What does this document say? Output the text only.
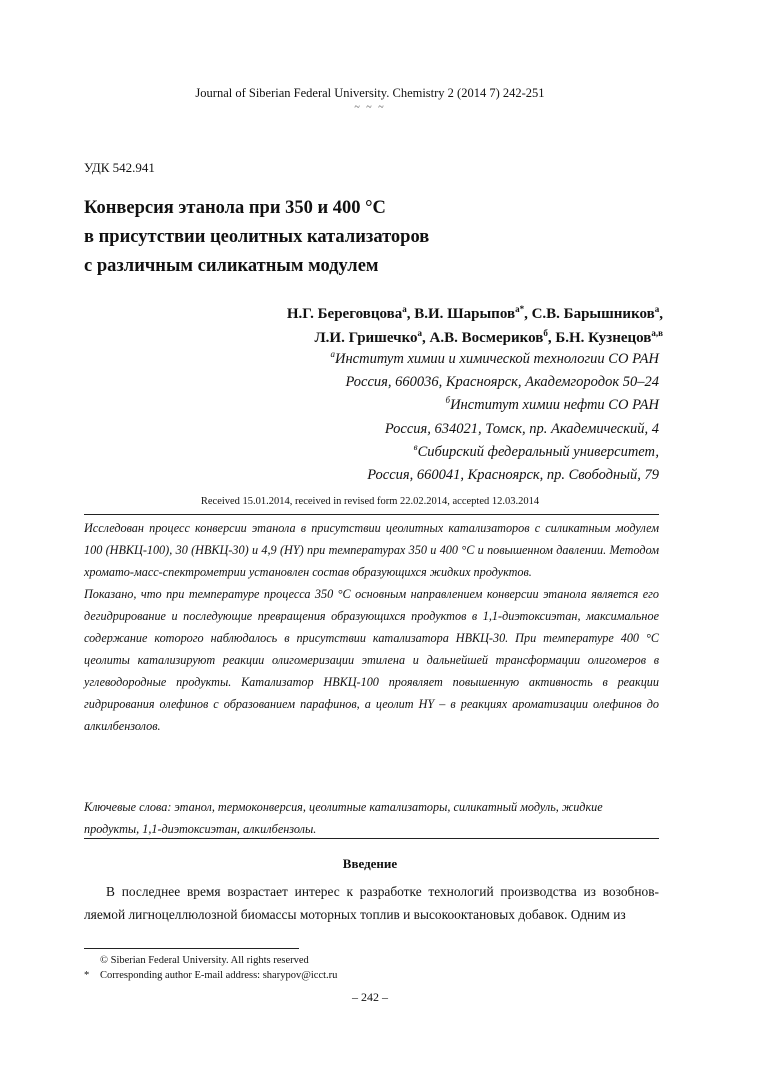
Journal of Siberian Federal University. Chemistry 2 (2014 7) 242-251
~ ~ ~
УДК 542.941
Конверсия этанола при 350 и 400 °С
в присутствии цеолитных катализаторов
с различным силикатным модулем
Н.Г. Береговцова$^а$, В.И. Шарыпов$^{а*}$, С.В. Барышников$^а$,
Л.И. Гришечко$^а$, А.В. Восмериков$^б$, Б.Н. Кузнецов$^{а,в}$
$^а$Институт химии и химической технологии СО РАН
Россия, 660036, Красноярск, Академгородок 50–24
$^б$Институт химии нефти СО РАН
Россия, 634021, Томск, пр. Академический, 4
$^в$Сибирский федеральный университет,
Россия, 660041, Красноярск, пр. Свободный, 79
Received 15.01.2014, received in revised form 22.02.2014, accepted 12.03.2014

Исследован процесс конверсии этанола в присутствии цеолитных катализаторов с силикатным модулем 100 (НВКЦ-100), 30 (НВКЦ-30) и 4,9 (HY) при температурах 350 и 400 °С и повышенном давлении. Методом хромато-масс-спектрометрии установлен состав образующихся жидких продуктов.

Показано, что при температуре процесса 350 °С основным направлением конверсии этанола является его дегидрирование и последующие превращения образующихся продуктов в 1,1-диэтоксиэтан, максимальное содержание которого наблюдалось в присутствии катализатора НВКЦ-30. При температуре 400 °С цеолиты катализируют реакции олигомеризации этилена и дальнейшей трансформации олигомеров в углеводородные продукты. Катализатор НВКЦ-100 проявляет повышенную активность в реакции гидрирования олефинов с образованием парафинов, а цеолит HY – в реакциях ароматизации олефинов до алкилбензолов.

Ключевые слова: этанол, термоконверсия, цеолитные катализаторы, силикатный модуль, жидкие продукты, 1,1-диэтоксиэтан, алкилбензолы.
Введение

В последнее время возрастает интерес к разработке технологий производства из возобновляемой лигноцеллюлозной биомассы моторных топлив и высокооктановых добавок. Одним из

© Siberian Federal University. All rights reserved
* Corresponding author E-mail address: sharypov@icct.ru
– 242 –
